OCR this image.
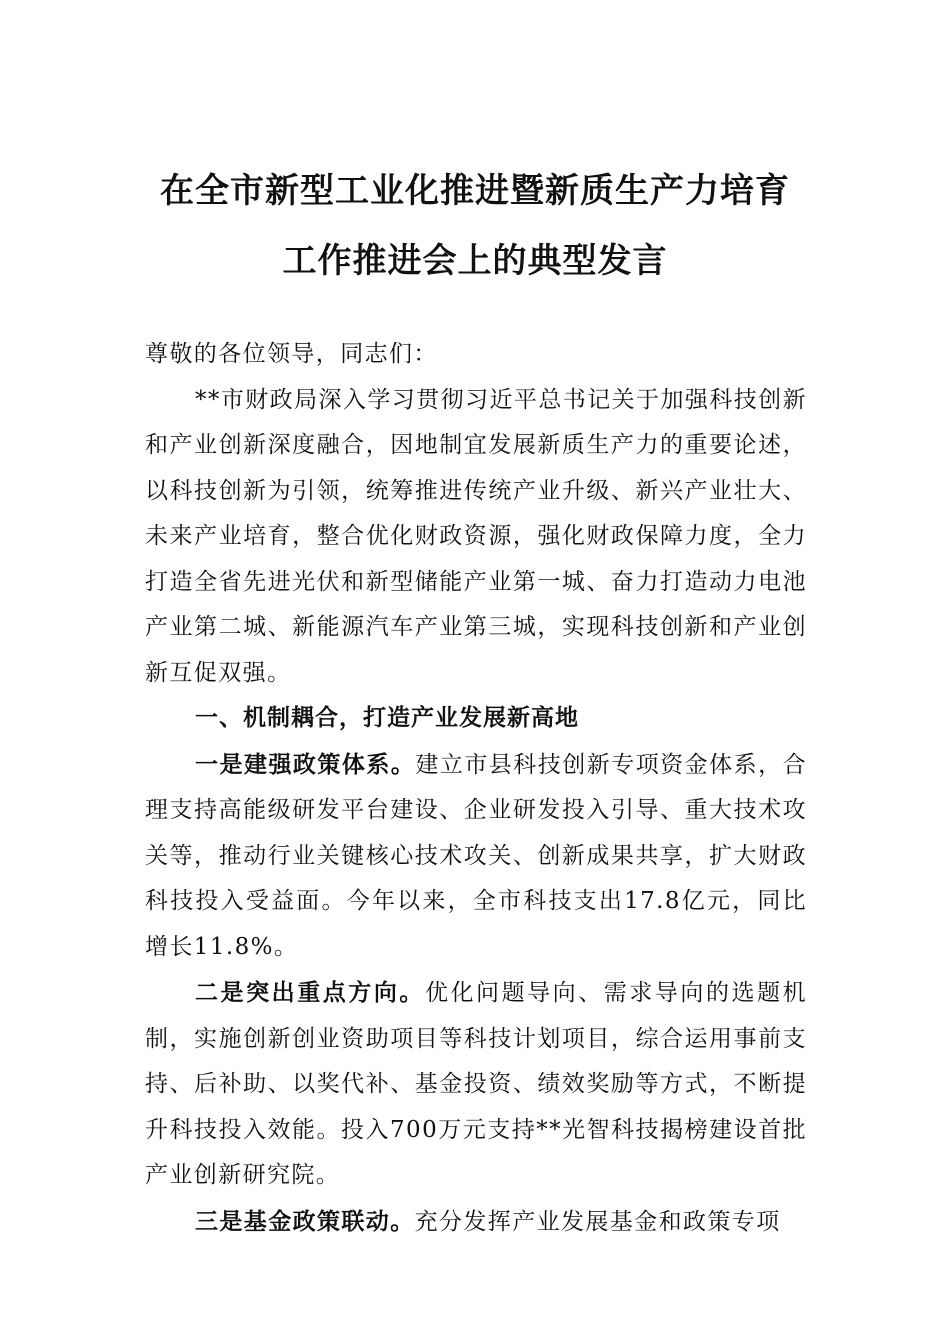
在全市新型工业化推进暨新质生产力培育
工作推进会上的典型发言

尊敬的各位领导，同志们：

**市财政局深入学习贯彻习近平总书记关于加强科技创新和产业创新深度融合，因地制宜发展新质生产力的重要论述，以科技创新为引领，统筹推进传统产业升级、新兴产业壮大、未来产业培育，整合优化财政资源，强化财政保障力度，全力打造全省先进光伏和新型储能产业第一城、奋力打造动力电池产业第二城、新能源汽车产业第三城，实现科技创新和产业创新互促双强。

一、机制耦合，打造产业发展新高地

一是建强政策体系。建立市县科技创新专项资金体系，合理支持高能级研发平台建设、企业研发投入引导、重大技术攻关等，推动行业关键核心技术攻关、创新成果共享，扩大财政科技投入受益面。今年以来，全市科技支出17.8亿元，同比增长11.8%。

二是突出重点方向。优化问题导向、需求导向的选题机制，实施创新创业资助项目等科技计划项目，综合运用事前支持、后补助、以奖代补、基金投资、绩效奖励等方式，不断提升科技投入效能。投入700万元支持**光智科技揭榜建设首批产业创新研究院。

三是基金政策联动。充分发挥产业发展基金和政策专项
